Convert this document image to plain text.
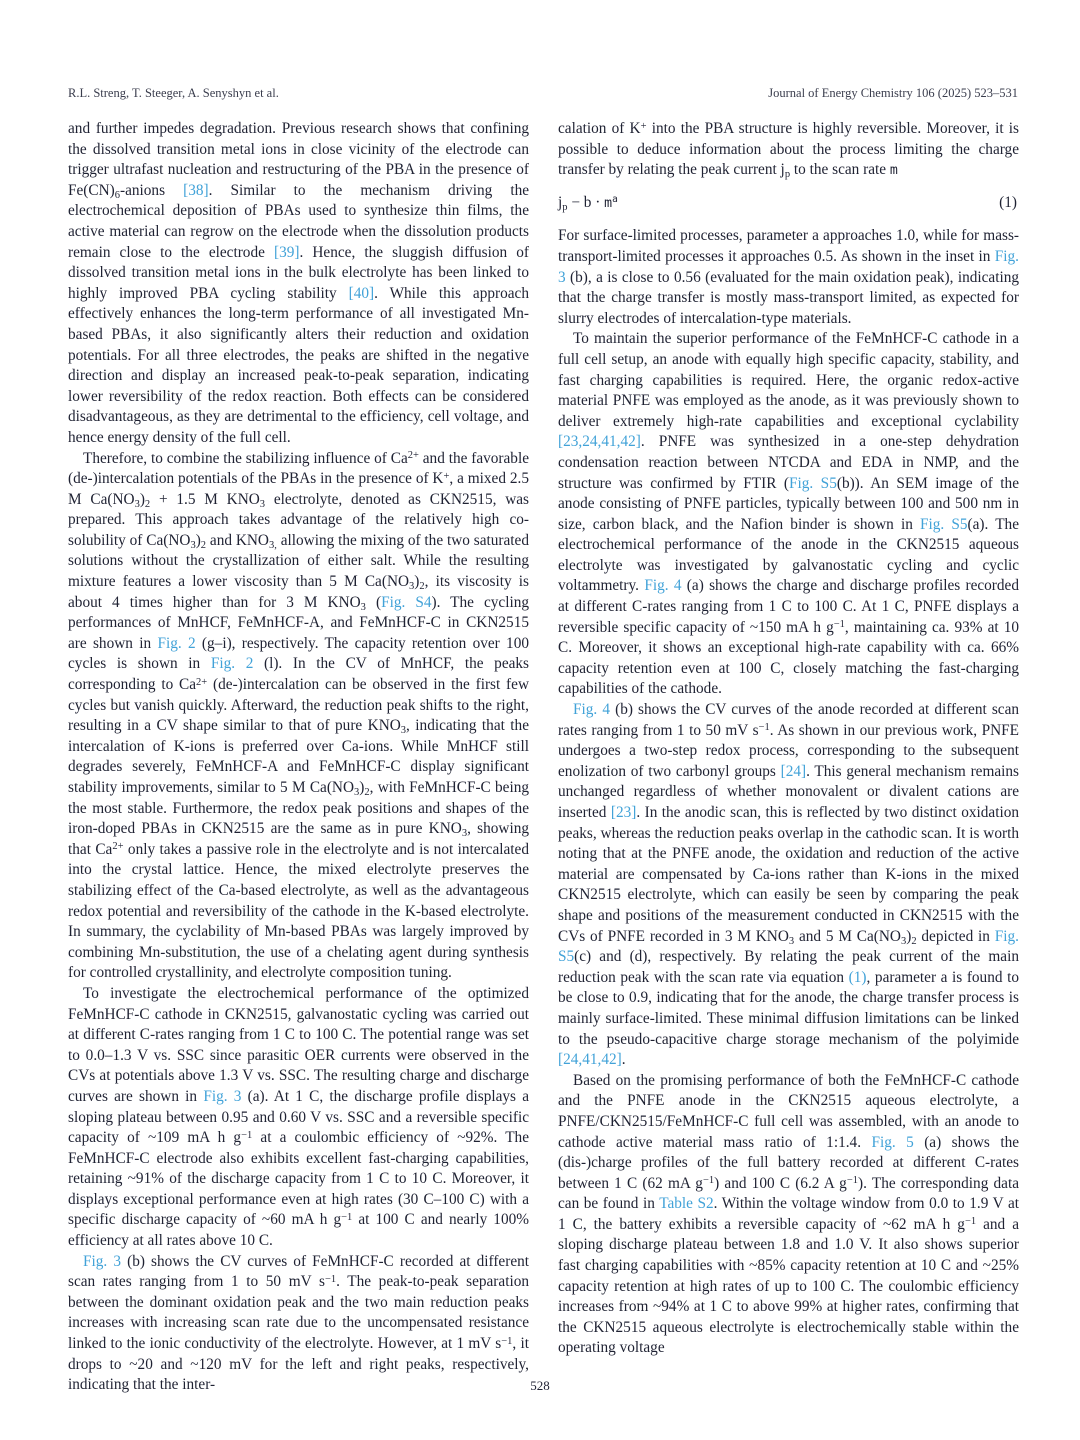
R.L. Streng, T. Steeger, A. Senyshyn et al.	Journal of Energy Chemistry 106 (2025) 523–531

and further impedes degradation. Previous research shows that confining the dissolved transition metal ions in close vicinity of the electrode can trigger ultrafast nucleation and restructuring of the PBA in the presence of Fe(CN)6-anions [38]. Similar to the mechanism driving the electrochemical deposition of PBAs used to synthesize thin films, the active material can regrow on the electrode when the dissolution products remain close to the electrode [39]. Hence, the sluggish diffusion of dissolved transition metal ions in the bulk electrolyte has been linked to highly improved PBA cycling stability [40]. While this approach effectively enhances the long-term performance of all investigated Mn-based PBAs, it also significantly alters their reduction and oxidation potentials. For all three electrodes, the peaks are shifted in the negative direction and display an increased peak-to-peak separation, indicating lower reversibility of the redox reaction. Both effects can be considered disadvantageous, as they are detrimental to the efficiency, cell voltage, and hence energy density of the full cell.

Therefore, to combine the stabilizing influence of $Ca^{2+}$ and the favorable (de-)intercalation potentials of the PBAs in the presence of K+, a mixed 2.5 M Ca(NO3)2 + 1.5 M KNO3 electrolyte, denoted as CKN2515, was prepared. This approach takes advantage of the relatively high co-solubility of Ca(NO3)2 and KNO3, allowing the mixing of the two saturated solutions without the crystallization of either salt. While the resulting mixture features a lower viscosity than 5 M Ca(NO3)2, its viscosity is about 4 times higher than for 3 M KNO3 (Fig. S4). The cycling performances of MnHCF, FeMnHCF-A, and FeMnHCF-C in CKN2515 are shown in Fig. 2 (g–i), respectively. The capacity retention over 100 cycles is shown in Fig. 2 (l). In the CV of MnHCF, the peaks corresponding to $Ca^{2+}$ (de-)intercalation can be observed in the first few cycles but vanish quickly. Afterward, the reduction peak shifts to the right, resulting in a CV shape similar to that of pure KNO3, indicating that the intercalation of K-ions is preferred over Ca-ions. While MnHCF still degrades severely, FeMnHCF-A and FeMnHCF-C display significant stability improvements, similar to 5 M Ca(NO3)2, with FeMnHCF-C being the most stable. Furthermore, the redox peak positions and shapes of the iron-doped PBAs in CKN2515 are the same as in pure KNO3, showing that $Ca^{2+}$ only takes a passive role in the electrolyte and is not intercalated into the crystal lattice. Hence, the mixed electrolyte preserves the stabilizing effect of the Ca-based electrolyte, as well as the advantageous redox potential and reversibility of the cathode in the K-based electrolyte. In summary, the cyclability of Mn-based PBAs was largely improved by combining Mn-substitution, the use of a chelating agent during synthesis for controlled crystallinity, and electrolyte composition tuning.

To investigate the electrochemical performance of the optimized FeMnHCF-C cathode in CKN2515, galvanostatic cycling was carried out at different C-rates ranging from 1 C to 100 C. The potential range was set to 0.0–1.3 V vs. SSC since parasitic OER currents were observed in the CVs at potentials above 1.3 V vs. SSC. The resulting charge and discharge curves are shown in Fig. 3 (a). At 1 C, the discharge profile displays a sloping plateau between 0.95 and 0.60 V vs. SSC and a reversible specific capacity of ~109 mA h $g^{-1}$ at a coulombic efficiency of ~92%. The FeMnHCF-C electrode also exhibits excellent fast-charging capabilities, retaining ~91% of the discharge capacity from 1 C to 10 C. Moreover, it displays exceptional performance even at high rates (30 C–100 C) with a specific discharge capacity of ~60 mA h $g^{-1}$ at 100 C and nearly 100% efficiency at all rates above 10 C.

Fig. 3 (b) shows the CV curves of FeMnHCF-C recorded at different scan rates ranging from 1 to 50 mV $s^{-1}$. The peak-to-peak separation between the dominant oxidation peak and the two main reduction peaks increases with increasing scan rate due to the uncompensated resistance linked to the ionic conductivity of the electrolyte. However, at 1 mV $s^{-1}$, it drops to ~20 and ~120 mV for the left and right peaks, respectively, indicating that the inter-

calation of K+ into the PBA structure is highly reversible. Moreover, it is possible to deduce information about the process limiting the charge transfer by relating the peak current jp to the scan rate m

jp − $b \cdot m^a$	(1)

For surface-limited processes, parameter a approaches 1.0, while for mass-transport-limited processes it approaches 0.5. As shown in the inset in Fig. 3 (b), a is close to 0.56 (evaluated for the main oxidation peak), indicating that the charge transfer is mostly mass-transport limited, as expected for slurry electrodes of intercalation-type materials.

To maintain the superior performance of the FeMnHCF-C cathode in a full cell setup, an anode with equally high specific capacity, stability, and fast charging capabilities is required. Here, the organic redox-active material PNFE was employed as the anode, as it was previously shown to deliver extremely high-rate capabilities and exceptional cyclability [23,24,41,42]. PNFE was synthesized in a one-step dehydration condensation reaction between NTCDA and EDA in NMP, and the structure was confirmed by FTIR (Fig. S5(b)). An SEM image of the anode consisting of PNFE particles, typically between 100 and 500 nm in size, carbon black, and the Nafion binder is shown in Fig. S5(a). The electrochemical performance of the anode in the CKN2515 aqueous electrolyte was investigated by galvanostatic cycling and cyclic voltammetry. Fig. 4 (a) shows the charge and discharge profiles recorded at different C-rates ranging from 1 C to 100 C. At 1 C, PNFE displays a reversible specific capacity of ~150 mA h $g^{-1}$, maintaining ca. 93% at 10 C. Moreover, it shows an exceptional high-rate capability with ca. 66% capacity retention even at 100 C, closely matching the fast-charging capabilities of the cathode.

Fig. 4 (b) shows the CV curves of the anode recorded at different scan rates ranging from 1 to 50 mV $s^{-1}$. As shown in our previous work, PNFE undergoes a two-step redox process, corresponding to the subsequent enolization of two carbonyl groups [24]. This general mechanism remains unchanged regardless of whether monovalent or divalent cations are inserted [23]. In the anodic scan, this is reflected by two distinct oxidation peaks, whereas the reduction peaks overlap in the cathodic scan. It is worth noting that at the PNFE anode, the oxidation and reduction of the active material are compensated by Ca-ions rather than K-ions in the mixed CKN2515 electrolyte, which can easily be seen by comparing the peak shape and positions of the measurement conducted in CKN2515 with the CVs of PNFE recorded in 3 M KNO3 and 5 M Ca(NO3)2 depicted in Fig. S5(c) and (d), respectively. By relating the peak current of the main reduction peak with the scan rate via equation (1), parameter a is found to be close to 0.9, indicating that for the anode, the charge transfer process is mainly surface-limited. These minimal diffusion limitations can be linked to the pseudo-capacitive charge storage mechanism of the polyimide [24,41,42].

Based on the promising performance of both the FeMnHCF-C cathode and the PNFE anode in the CKN2515 aqueous electrolyte, a PNFE/CKN2515/FeMnHCF-C full cell was assembled, with an anode to cathode active material mass ratio of 1:1.4. Fig. 5 (a) shows the (dis-)charge profiles of the full battery recorded at different C-rates between 1 C (62 mA $g^{-1}$) and 100 C (6.2 A $g^{-1}$). The corresponding data can be found in Table S2. Within the voltage window from 0.0 to 1.9 V at 1 C, the battery exhibits a reversible capacity of ~62 mA h $g^{-1}$ and a sloping discharge plateau between 1.8 and 1.0 V. It also shows superior fast charging capabilities with ~85% capacity retention at 10 C and ~25% capacity retention at high rates of up to 100 C. The coulombic efficiency increases from ~94% at 1 C to above 99% at higher rates, confirming that the CKN2515 aqueous electrolyte is electrochemically stable within the operating voltage

528
